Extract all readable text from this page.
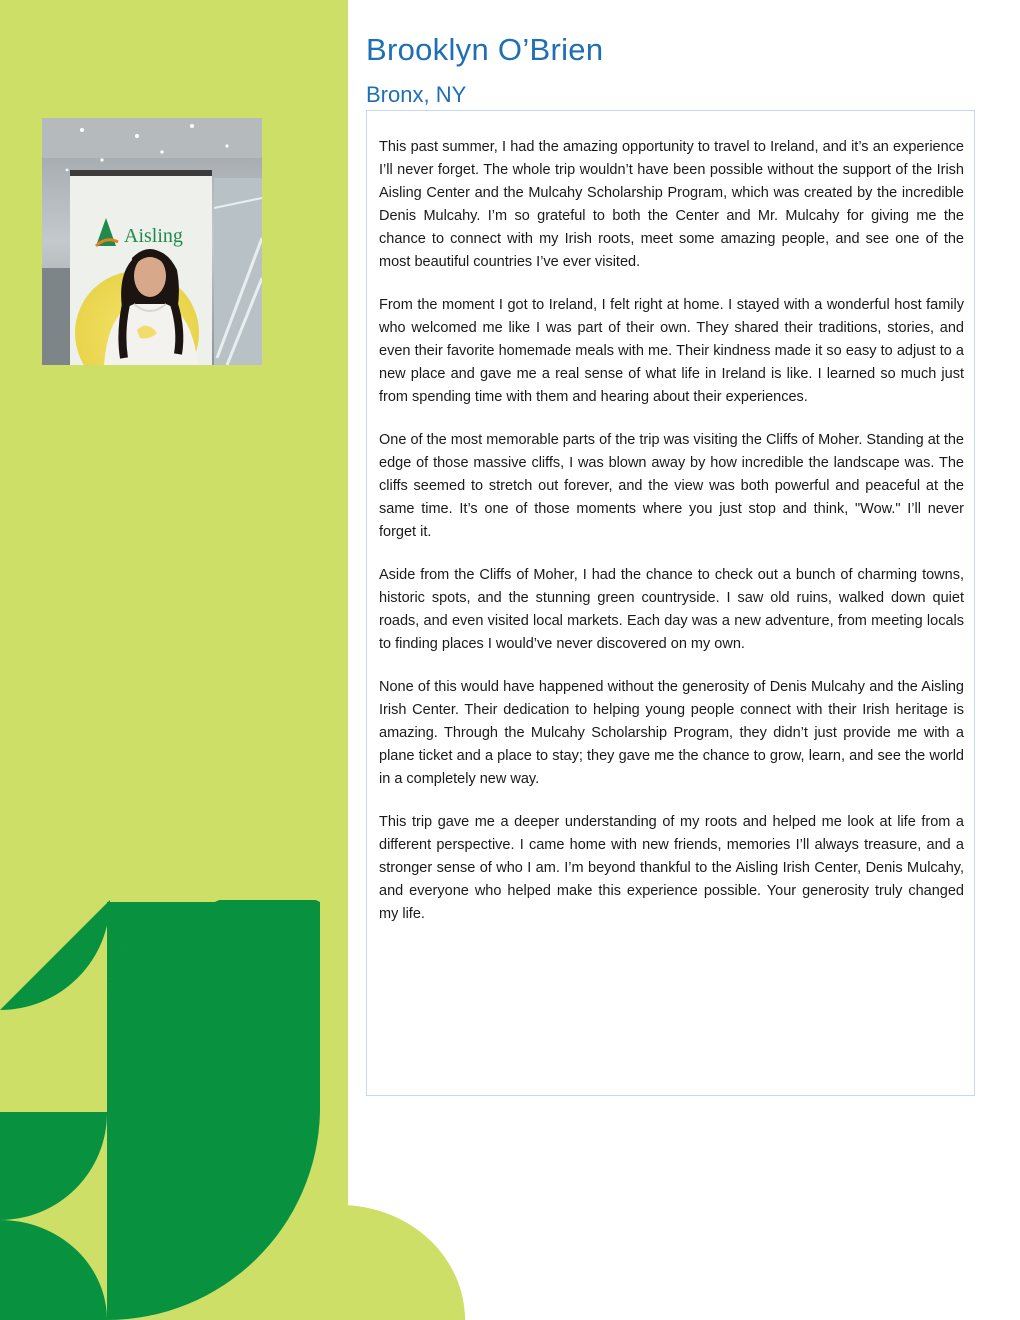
Aisling
Brooklyn O’Brien
Bronx, NY

This past summer, I had the amazing opportunity to travel to Ireland, and it’s an experience I’ll never forget. The whole trip wouldn’t have been possible without the support of the Irish Aisling Center and the Mulcahy Scholarship Program, which was created by the incredible Denis Mulcahy. I’m so grateful to both the Center and Mr. Mulcahy for giving me the chance to connect with my Irish roots, meet some amazing people, and see one of the most beautiful countries I’ve ever visited.

From the moment I got to Ireland, I felt right at home. I stayed with a wonderful host family who welcomed me like I was part of their own. They shared their traditions, stories, and even their favorite homemade meals with me. Their kindness made it so easy to adjust to a new place and gave me a real sense of what life in Ireland is like. I learned so much just from spending time with them and hearing about their experiences.

One of the most memorable parts of the trip was visiting the Cliffs of Moher. Standing at the edge of those massive cliffs, I was blown away by how incredible the landscape was. The cliffs seemed to stretch out forever, and the view was both powerful and peaceful at the same time. It’s one of those moments where you just stop and think, "Wow." I’ll never forget it.

Aside from the Cliffs of Moher, I had the chance to check out a bunch of charming towns, historic spots, and the stunning green countryside. I saw old ruins, walked down quiet roads, and even visited local markets. Each day was a new adventure, from meeting locals to finding places I would’ve never discovered on my own.

None of this would have happened without the generosity of Denis Mulcahy and the Aisling Irish Center. Their dedication to helping young people connect with their Irish heritage is amazing. Through the Mulcahy Scholarship Program, they didn’t just provide me with a plane ticket and a place to stay; they gave me the chance to grow, learn, and see the world in a completely new way.

This trip gave me a deeper understanding of my roots and helped me look at life from a different perspective. I came home with new friends, memories I’ll always treasure, and a stronger sense of who I am. I’m beyond thankful to the Aisling Irish Center, Denis Mulcahy, and everyone who helped make this experience possible. Your generosity truly changed my life.
